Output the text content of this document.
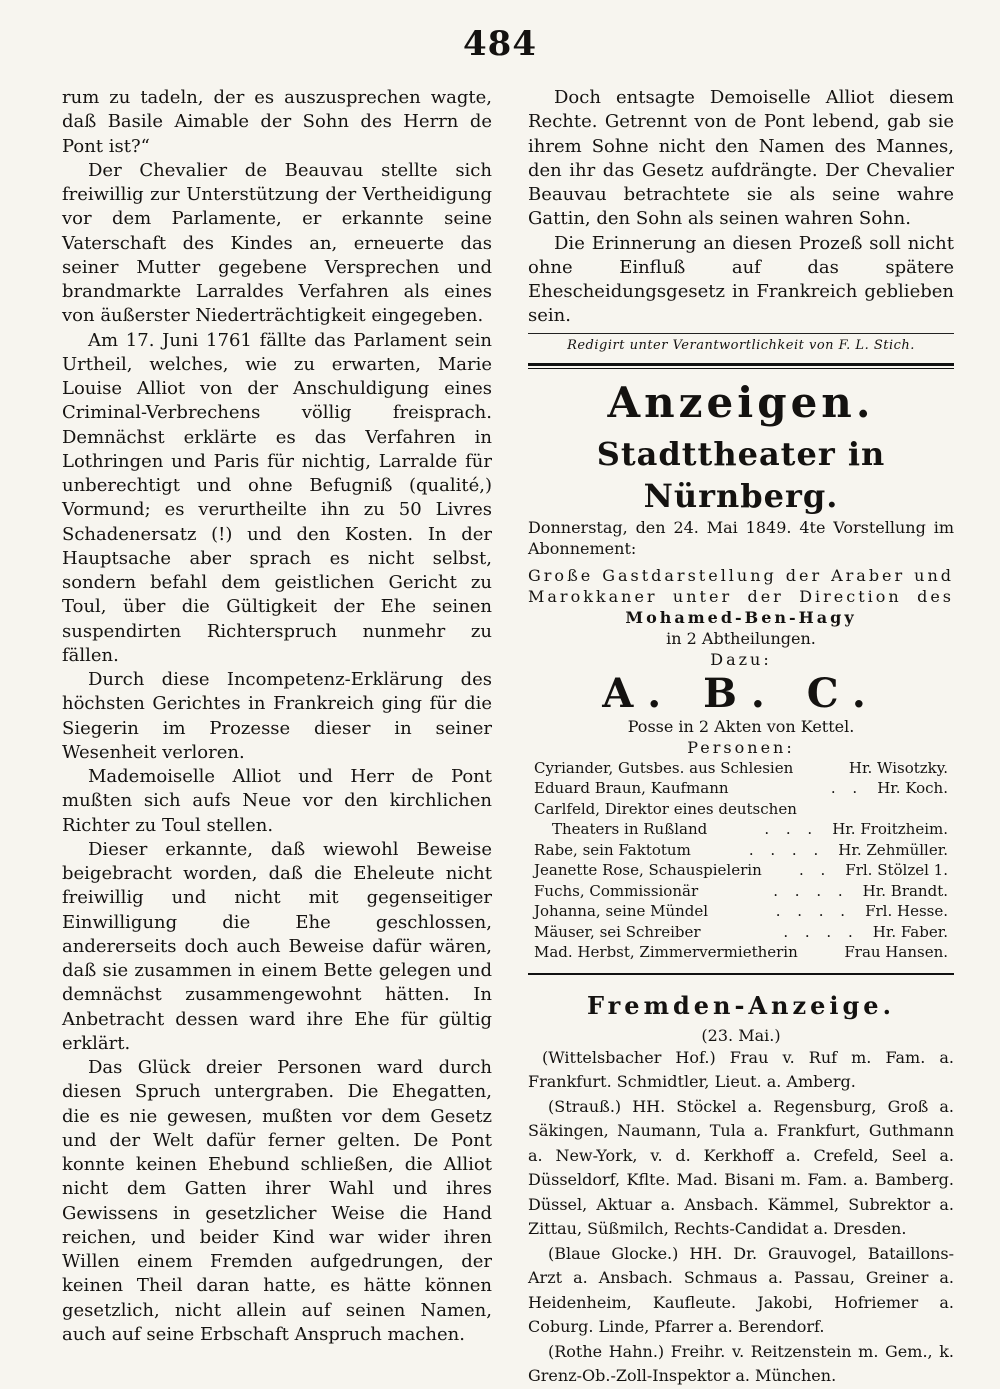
484

rum zu tadeln, der es auszusprechen wagte, daß Basile Aimable der Sohn des Herrn de Pont ist?“

Der Chevalier de Beauvau stellte sich freiwillig zur Unterstützung der Vertheidigung vor dem Parlamente, er erkannte seine Vaterschaft des Kindes an, erneuerte das seiner Mutter gegebene Versprechen und brandmarkte Larraldes Verfahren als eines von äußerster Niederträchtigkeit eingegeben.

Am 17. Juni 1761 fällte das Parlament sein Urtheil, welches, wie zu erwarten, Marie Louise Alliot von der Anschuldigung eines Criminal-Verbrechens völlig freisprach. Demnächst erklärte es das Verfahren in Lothringen und Paris für nichtig, Larralde für unberechtigt und ohne Befugniß (qualité,) Vormund; es verurtheilte ihn zu 50 Livres Schadenersatz (!) und den Kosten. In der Hauptsache aber sprach es nicht selbst, sondern befahl dem geistlichen Gericht zu Toul, über die Gültigkeit der Ehe seinen suspendirten Richterspruch nunmehr zu fällen.

Durch diese Incompetenz-Erklärung des höchsten Gerichtes in Frankreich ging für die Siegerin im Prozesse dieser in seiner Wesenheit verloren.

Mademoiselle Alliot und Herr de Pont mußten sich aufs Neue vor den kirchlichen Richter zu Toul stellen.

Dieser erkannte, daß wiewohl Beweise beigebracht worden, daß die Eheleute nicht freiwillig und nicht mit gegenseitiger Einwilligung die Ehe geschlossen, andererseits doch auch Beweise dafür wären, daß sie zusammen in einem Bette gelegen und demnächst zusammengewohnt hätten. In Anbetracht dessen ward ihre Ehe für gültig erklärt.

Das Glück dreier Personen ward durch diesen Spruch untergraben. Die Ehegatten, die es nie gewesen, mußten vor dem Gesetz und der Welt dafür ferner gelten. De Pont konnte keinen Ehebund schließen, die Alliot nicht dem Gatten ihrer Wahl und ihres Gewissens in gesetzlicher Weise die Hand reichen, und beider Kind war wider ihren Willen einem Fremden aufgedrungen, der keinen Theil daran hatte, es hätte können gesetzlich, nicht allein auf seinen Namen, auch auf seine Erbschaft Anspruch machen.

Doch entsagte Demoiselle Alliot diesem Rechte. Getrennt von de Pont lebend, gab sie ihrem Sohne nicht den Namen des Mannes, den ihr das Gesetz aufdrängte. Der Chevalier Beauvau betrachtete sie als seine wahre Gattin, den Sohn als seinen wahren Sohn.

Die Erinnerung an diesen Prozeß soll nicht ohne Einfluß auf das spätere Ehescheidungsgesetz in Frankreich geblieben sein.

Redigirt unter Verantwortlichkeit von F. L. Stich.

Anzeigen.
Stadttheater in Nürnberg.

Donnerstag, den 24. Mai 1849. 4te Vorstellung im Abonnement:

Große Gastdarstellung der Araber und

Marokkaner unter der Direction des

Mohamed-Ben-Hagy

in 2 Abtheilungen.

Dazu:

A. B. C.

Posse in 2 Akten von Kettel.

Personen:

Cyriander, Gutsbes. aus Schlesien	Hr. Wisotzky.
Eduard Braun, Kaufmann	. . Hr. Koch.
Carlfeld, Direktor eines deutschen
Theaters in Rußland	. . . Hr. Froitzheim.
Rabe, sein Faktotum	. . . . Hr. Zehmüller.
Jeanette Rose, Schauspielerin	. . Frl. Stölzel 1.
Fuchs, Commissionär	. . . . Hr. Brandt.
Johanna, seine Mündel	. . . . Frl. Hesse.
Mäuser, sei Schreiber	. . . . Hr. Faber.
Mad. Herbst, Zimmervermietherin	Frau Hansen.
Fremden-Anzeige.

(23. Mai.)

(Wittelsbacher Hof.) Frau v. Ruf m. Fam. a. Frankfurt. Schmidtler, Lieut. a. Amberg.

(Strauß.) HH. Stöckel a. Regensburg, Groß a. Säkingen, Naumann, Tula a. Frankfurt, Guthmann a. New-York, v. d. Kerkhoff a. Crefeld, Seel a. Düsseldorf, Kflte. Mad. Bisani m. Fam. a. Bamberg. Düssel, Aktuar a. Ansbach. Kämmel, Subrektor a. Zittau, Süßmilch, Rechts-Candidat a. Dresden.

(Blaue Glocke.) HH. Dr. Grauvogel, Bataillons-Arzt a. Ansbach. Schmaus a. Passau, Greiner a. Heidenheim, Kaufleute. Jakobi, Hofriemer a. Coburg. Linde, Pfarrer a. Berendorf.

(Rothe Hahn.) Freihr. v. Reitzenstein m. Gem., k. Grenz-Ob.-Zoll-Inspektor a. München.
